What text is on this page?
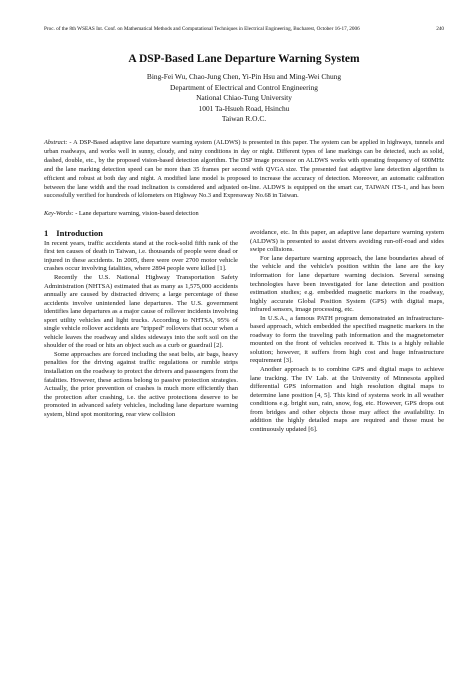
Proc. of the 8th WSEAS Int. Conf. on Mathematical Methods and Computational Techniques in Electrical Engineering, Bucharest, October 16-17, 2006	240
A DSP-Based Lane Departure Warning System
Bing-Fei Wu, Chao-Jung Chen, Yi-Pin Hsu and Ming-Wei Chung
Department of Electrical and Control Engineering
National Chiao-Tung University
1001 Ta-Hsueh Road, Hsinchu
Taiwan R.O.C.
Abstract: - A DSP-Based adaptive lane departure warning system (ALDWS) is presented in this paper. The system can be applied in highways, tunnels and urban roadways, and works well in sunny, cloudy, and rainy conditions in day or night. Different types of lane markings can be detected, such as solid, dashed, double, etc., by the proposed vision-based detection algorithm. The DSP image processor on ALDWS works with operating frequency of 600MHz and the lane marking detection speed can be more than 35 frames per second with QVGA size. The presented fast adaptive lane detection algorithm is efficient and robust at both day and night. A modified lane model is proposed to increase the accuracy of detection. Moreover, an automatic calibration between the lane width and the road inclination is considered and adjusted on-line. ALDWS is equipped on the smart car, TAIWAN iTS-1, and has been successfully verified for hundreds of kilometers on Highway No.3 and Expressway No.68 in Taiwan.
Key-Words: - Lane departure warning, vision-based detection
1 Introduction

In recent years, traffic accidents stand at the rock-solid fifth rank of the first ten causes of death in Taiwan, i.e. thousands of people were dead or injured in these accidents. In 2005, there were over 2700 motor vehicle crashes occur involving fatalities, where 2894 people were killed [1].

Recently the U.S. National Highway Transportation Safety Administration (NHTSA) estimated that as many as 1,575,000 accidents annually are caused by distracted drivers; a large percentage of these accidents involve unintended lane departures. The U.S. government identifies lane departures as a major cause of rollover incidents involving sport utility vehicles and light trucks. According to NHTSA, 95% of single vehicle rollover accidents are "tripped" rollovers that occur when a vehicle leaves the roadway and slides sideways into the soft soil on the shoulder of the road or hits an object such as a curb or guardrail [2].

Some approaches are forced including the seat belts, air bags, heavy penalties for the driving against traffic regulations or rumble strips installation on the roadway to protect the drivers and passengers from the fatalities. However, these actions belong to passive protection strategies. Actually, the prior prevention of crashes is much more efficiently than the protection after crashing, i.e. the active protections deserve to be promoted in advanced safety vehicles, including lane departure warning system, blind spot monitoring, rear view collision

avoidance, etc. In this paper, an adaptive lane departure warning system (ALDWS) is presented to assist drivers avoiding run-off-road and sides swipe collisions.

For lane departure warning approach, the lane boundaries ahead of the vehicle and the vehicle's position within the lane are the key information for lane departure warning decision. Several sensing technologies have been investigated for lane detection and position estimation studies; e.g. embedded magnetic markers in the roadway, highly accurate Global Position System (GPS) with digital maps, infrared sensors, image processing, etc.

In U.S.A., a famous PATH program demonstrated an infrastructure-based approach, which embedded the specified magnetic markers in the roadway to form the traveling path information and the magnetometer mounted on the front of vehicles received it. This is a highly reliable solution; however, it suffers from high cost and huge infrastructure requirement [3].

Another approach is to combine GPS and digital maps to achieve lane tracking. The IV Lab. at the University of Minnesota applied differential GPS information and high resolution digital maps to determine lane position [4, 5]. This kind of systems work in all weather conditions e.g. bright sun, rain, snow, fog, etc. However, GPS drops out from bridges and other objects those may affect the availability. In addition the highly detailed maps are required and those must be continuously updated [6].
